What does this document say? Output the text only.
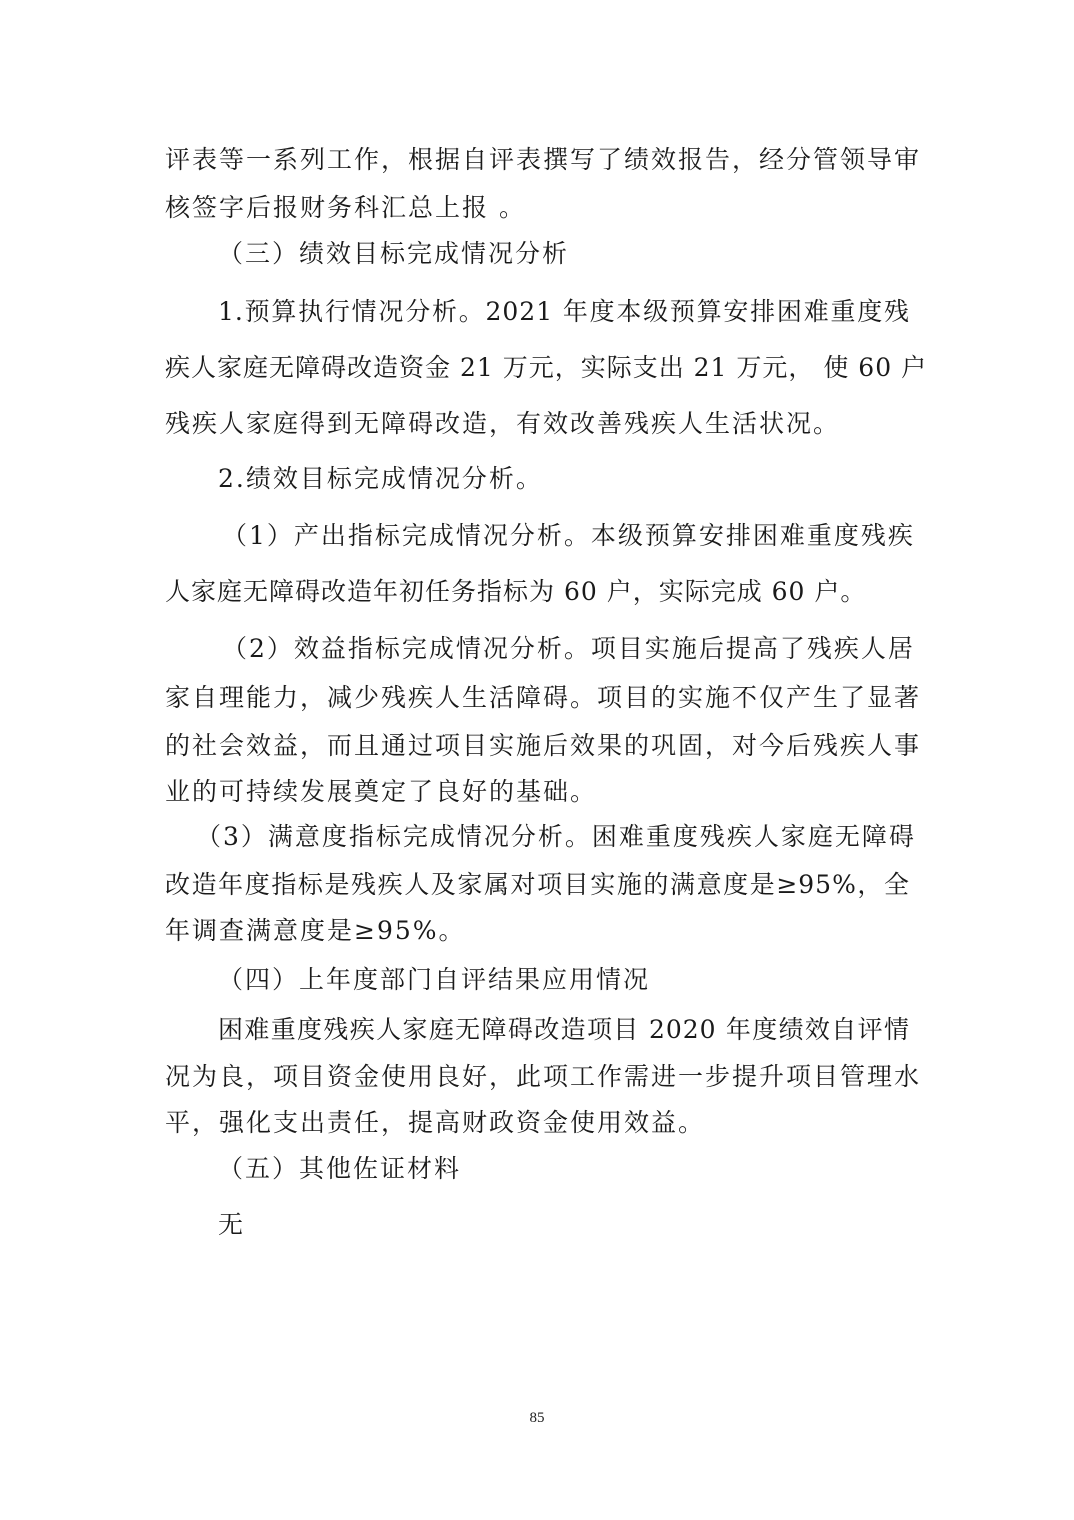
评表等一系列工作，根据自评表撰写了绩效报告，经分管领导审
核签字后报财务科汇总上报 。
（三）绩效目标完成情况分析
1.预算执行情况分析。2021 年度本级预算安排困难重度残
疾人家庭无障碍改造资金 21 万元，实际支出 21 万元， 使 60 户
残疾人家庭得到无障碍改造，有效改善残疾人生活状况。
2.绩效目标完成情况分析。
（1）产出指标完成情况分析。本级预算安排困难重度残疾
人家庭无障碍改造年初任务指标为 60 户，实际完成 60 户。
（2）效益指标完成情况分析。项目实施后提高了残疾人居
家自理能力，减少残疾人生活障碍。项目的实施不仅产生了显著
的社会效益，而且通过项目实施后效果的巩固，对今后残疾人事
业的可持续发展奠定了良好的基础。
（3）满意度指标完成情况分析。困难重度残疾人家庭无障碍
改造年度指标是残疾人及家属对项目实施的满意度是≥95%，全
年调查满意度是≥95%。
（四）上年度部门自评结果应用情况
困难重度残疾人家庭无障碍改造项目 2020 年度绩效自评情
况为良，项目资金使用良好，此项工作需进一步提升项目管理水
平，强化支出责任，提高财政资金使用效益。
（五）其他佐证材料
无
85
